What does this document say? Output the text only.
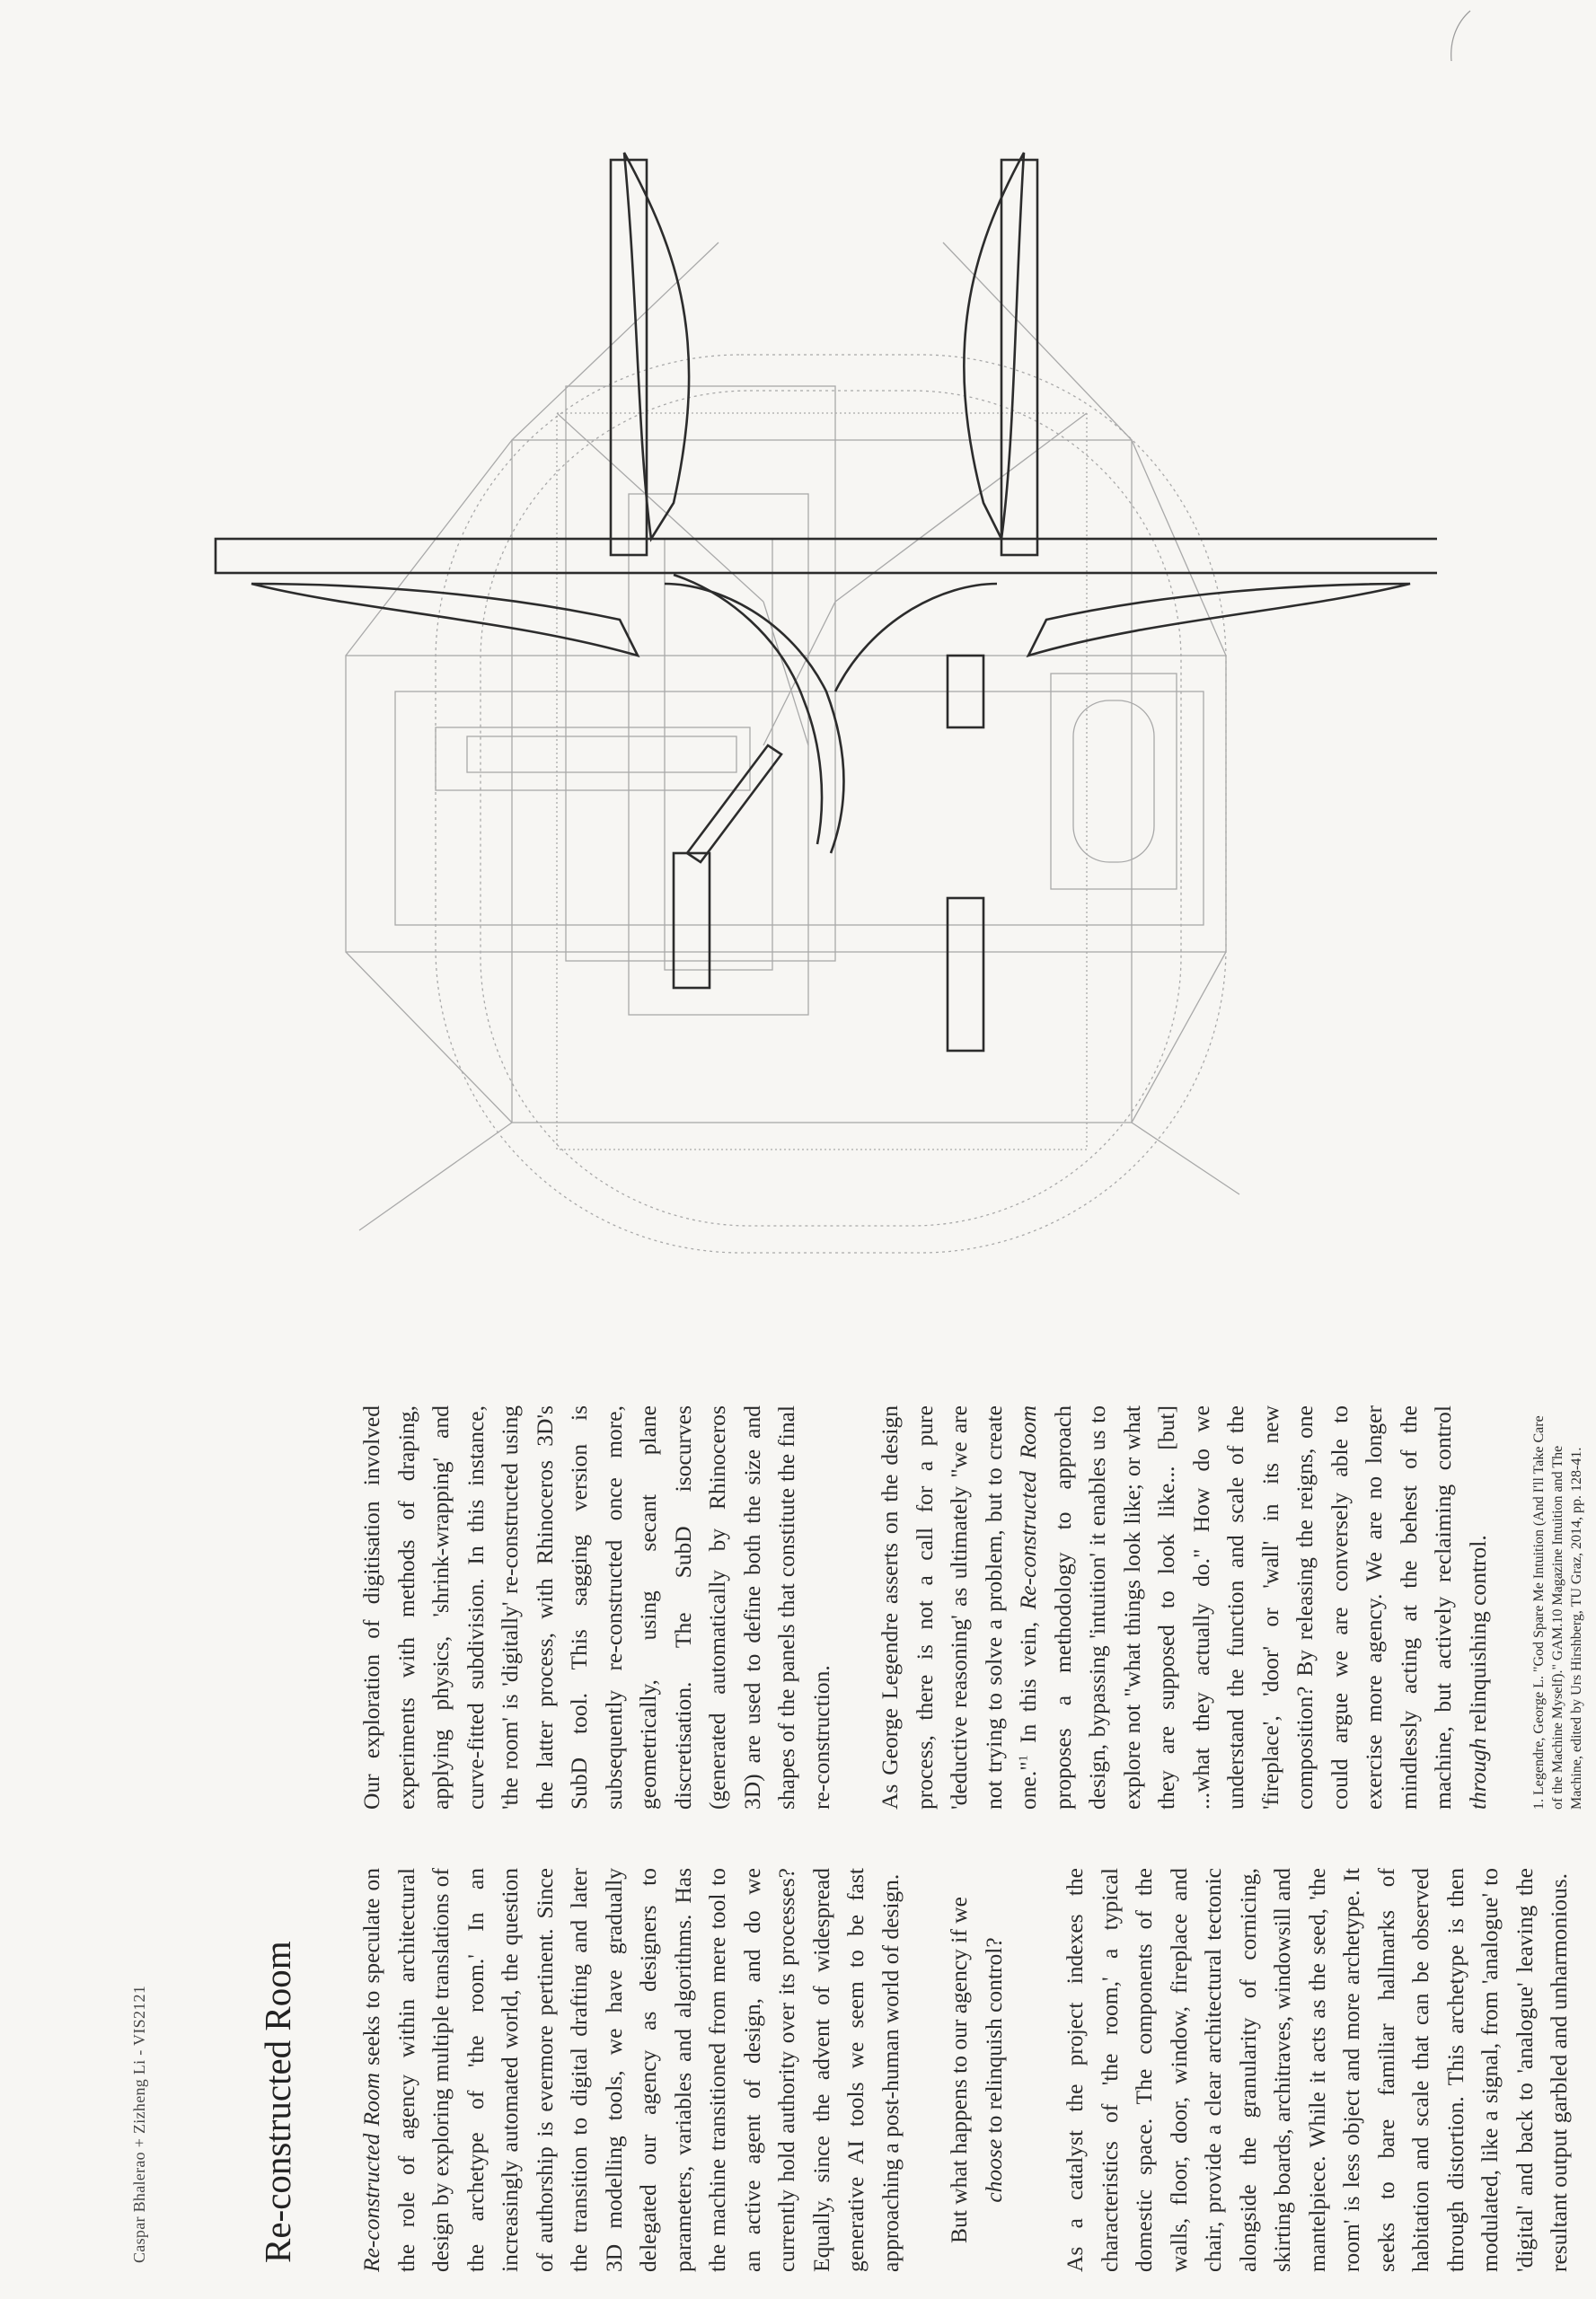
Caspar Bhalerao + Zizheng Li - VIS2121	Re-constructed Room	Re-constructed Room seeks to speculate on the role of agency within architectural design by exploring multiple translations of the archetype of 'the room.' In an increasingly automated world, the question of authorship is evermore pertinent. Since the transition to digital drafting and later 3D modelling tools, we have gradually delegated our agency as designers to parameters, variables and algorithms. Has the machine transitioned from mere tool to an active agent of design, and do we currently hold authority over its processes? Equally, since the advent of widespread generative AI tools we seem to be fast approaching a post-human world of design. But what happens to our agency if we choose to relinquish control? As a catalyst the project indexes the characteristics of 'the room,' a typical domestic space. The components of the walls, floor, door, window, fireplace and chair, provide a clear architectural tectonic alongside the granularity of cornicing, skirting boards, architraves, windowsill and mantelpiece. While it acts as the seed, 'the room' is less object and more archetype. It seeks to bare familiar hallmarks of habitation and scale that can be observed through distortion. This archetype is then modulated, like a signal, from 'analogue' to 'digital' and back to 'analogue' leaving the resultant output garbled and unharmonious.

Our exploration of digitisation involved experiments with methods of draping, applying physics, 'shrink-wrapping' and curve-fitted subdivision. In this instance, 'the room' is 'digitally' re-constructed using the latter process, with Rhinoceros 3D's SubD tool. This sagging version is subsequently re-constructed once more, geometrically, using secant plane discretisation. The SubD isocurves (generated automatically by Rhinoceros 3D) are used to define both the size and shapes of the panels that constitute the final re-construction. As George Legendre asserts on the design process, there is not a call for a pure 'deductive reasoning' as ultimately "we are not trying to solve a problem, but to create one."$^1$ In this vein, Re-constructed Room proposes a methodology to approach design, bypassing 'intuition' it enables us to explore not "what things look like; or what they are supposed to look like... [but] ...what they actually do." How do we understand the function and scale of the 'fireplace', 'door' or 'wall' in its new composition? By releasing the reigns, one could argue we are conversely able to exercise more agency. We are no longer mindlessly acting at the behest of the machine, but actively reclaiming control through relinquishing control.	1. Legendre, George L. "God Spare Me Intuition (And I'll Take Care of the Machine Myself)." GAM.10 Magazine Intuition and The Machine, edited by Urs Hirshberg, TU Graz, 2014, pp. 128-41.
